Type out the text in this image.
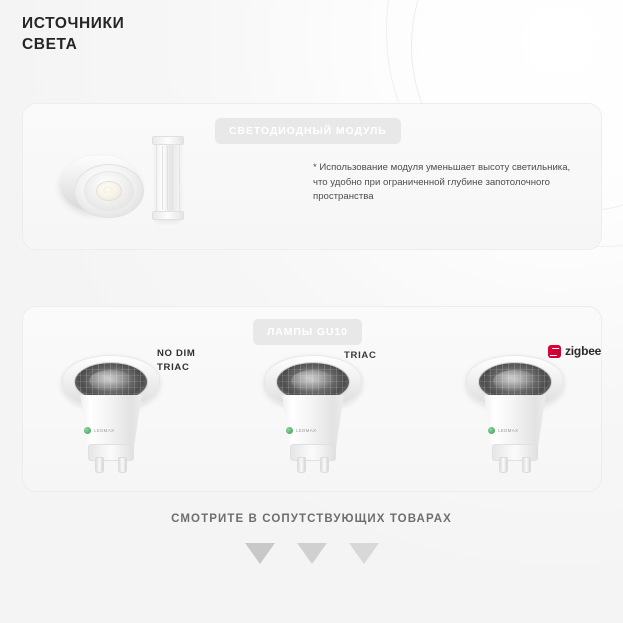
ИСТОЧНИКИ
СВЕТА
СВЕТОДИОДНЫЙ МОДУЛЬ
* Использование модуля уменьшает высоту светильника, что удобно при ограниченной глубине запотолочного пространства
ЛАМПЫ GU10
LEDMAX
NO DIM
TRIAC
LEDMAX
TRIAC
LEDMAX
zigbee
СМОТРИТЕ В СОПУТСТВУЮЩИХ ТОВАРАХ
